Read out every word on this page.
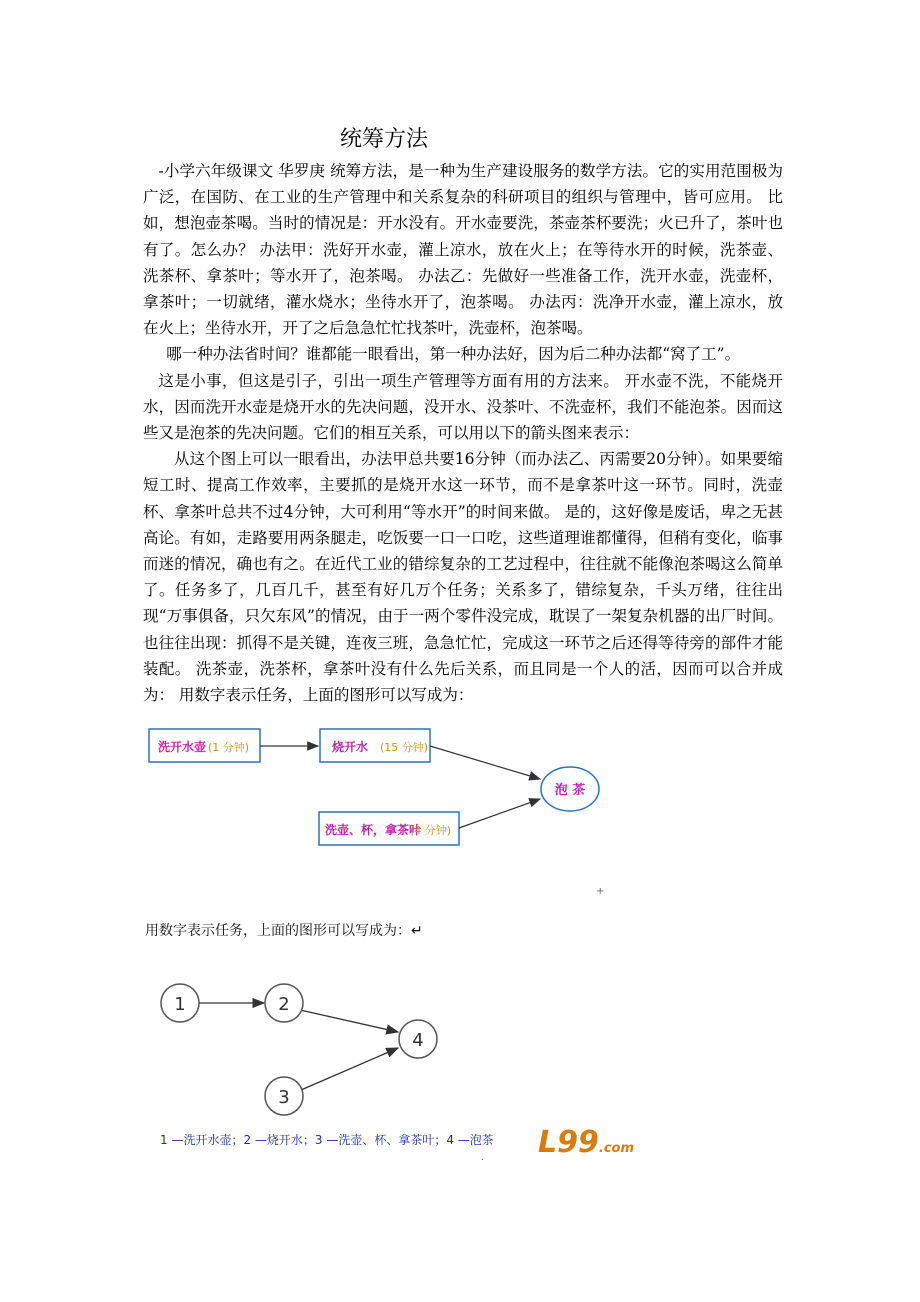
统筹方法

-小学六年级课文 华罗庚 统筹方法，是一种为生产建设服务的数学方法。它的实用范围极为广泛，在国防、在工业的生产管理中和关系复杂的科研项目的组织与管理中，皆可应用。 比如，想泡壶茶喝。当时的情况是：开水没有。开水壶要洗，茶壶茶杯要洗；火已升了，茶叶也有了。怎么办？ 办法甲：洗好开水壶，灌上凉水，放在火上；在等待水开的时候，洗茶壶、洗茶杯、拿茶叶；等水开了，泡茶喝。 办法乙：先做好一些准备工作，洗开水壶，洗壶杯，拿茶叶；一切就绪，灌水烧水；坐待水开了，泡茶喝。 办法丙：洗净开水壶，灌上凉水，放在火上；坐待水开，开了之后急急忙忙找茶叶，洗壶杯，泡茶喝。

哪一种办法省时间？谁都能一眼看出，第一种办法好，因为后二种办法都“窝了工”。

这是小事，但这是引子，引出一项生产管理等方面有用的方法来。 开水壶不洗，不能烧开水，因而洗开水壶是烧开水的先决问题，没开水、没茶叶、不洗壶杯，我们不能泡茶。因而这些又是泡茶的先决问题。它们的相互关系，可以用以下的箭头图来表示：

从这个图上可以一眼看出，办法甲总共要16分钟（而办法乙、丙需要20分钟）。如果要缩短工时、提高工作效率，主要抓的是烧开水这一环节，而不是拿茶叶这一环节。同时，洗壶杯、拿茶叶总共不过4分钟，大可利用“等水开”的时间来做。 是的，这好像是废话，卑之无甚高论。有如，走路要用两条腿走，吃饭要一口一口吃，这些道理谁都懂得，但稍有变化，临事而迷的情况，确也有之。在近代工业的错综复杂的工艺过程中，往往就不能像泡茶喝这么简单了。任务多了，几百几千，甚至有好几万个任务；关系多了，错综复杂，千头万绪，往往出现“万事俱备，只欠东风”的情况，由于一两个零件没完成，耽误了一架复杂机器的出厂时间。也往往出现：抓得不是关键，连夜三班，急急忙忙，完成这一环节之后还得等待旁的部件才能装配。 洗茶壶，洗茶杯，拿茶叶没有什么先后关系，而且同是一个人的活，因而可以合并成为： 用数字表示任务，上面的图形可以写成为：

洗开水壶 (1 分钟)	烧开水 (15 分钟)
洗壶、杯，拿茶叶
(4 分钟)
泡 茶
+
用数字表示任务，上面的图形可以写成为：↵
1	2
3
4
1 —洗开水壶；2 —烧开水；3 —洗壶、杯、拿茶叶；4 —泡茶 L99.com
⸱
